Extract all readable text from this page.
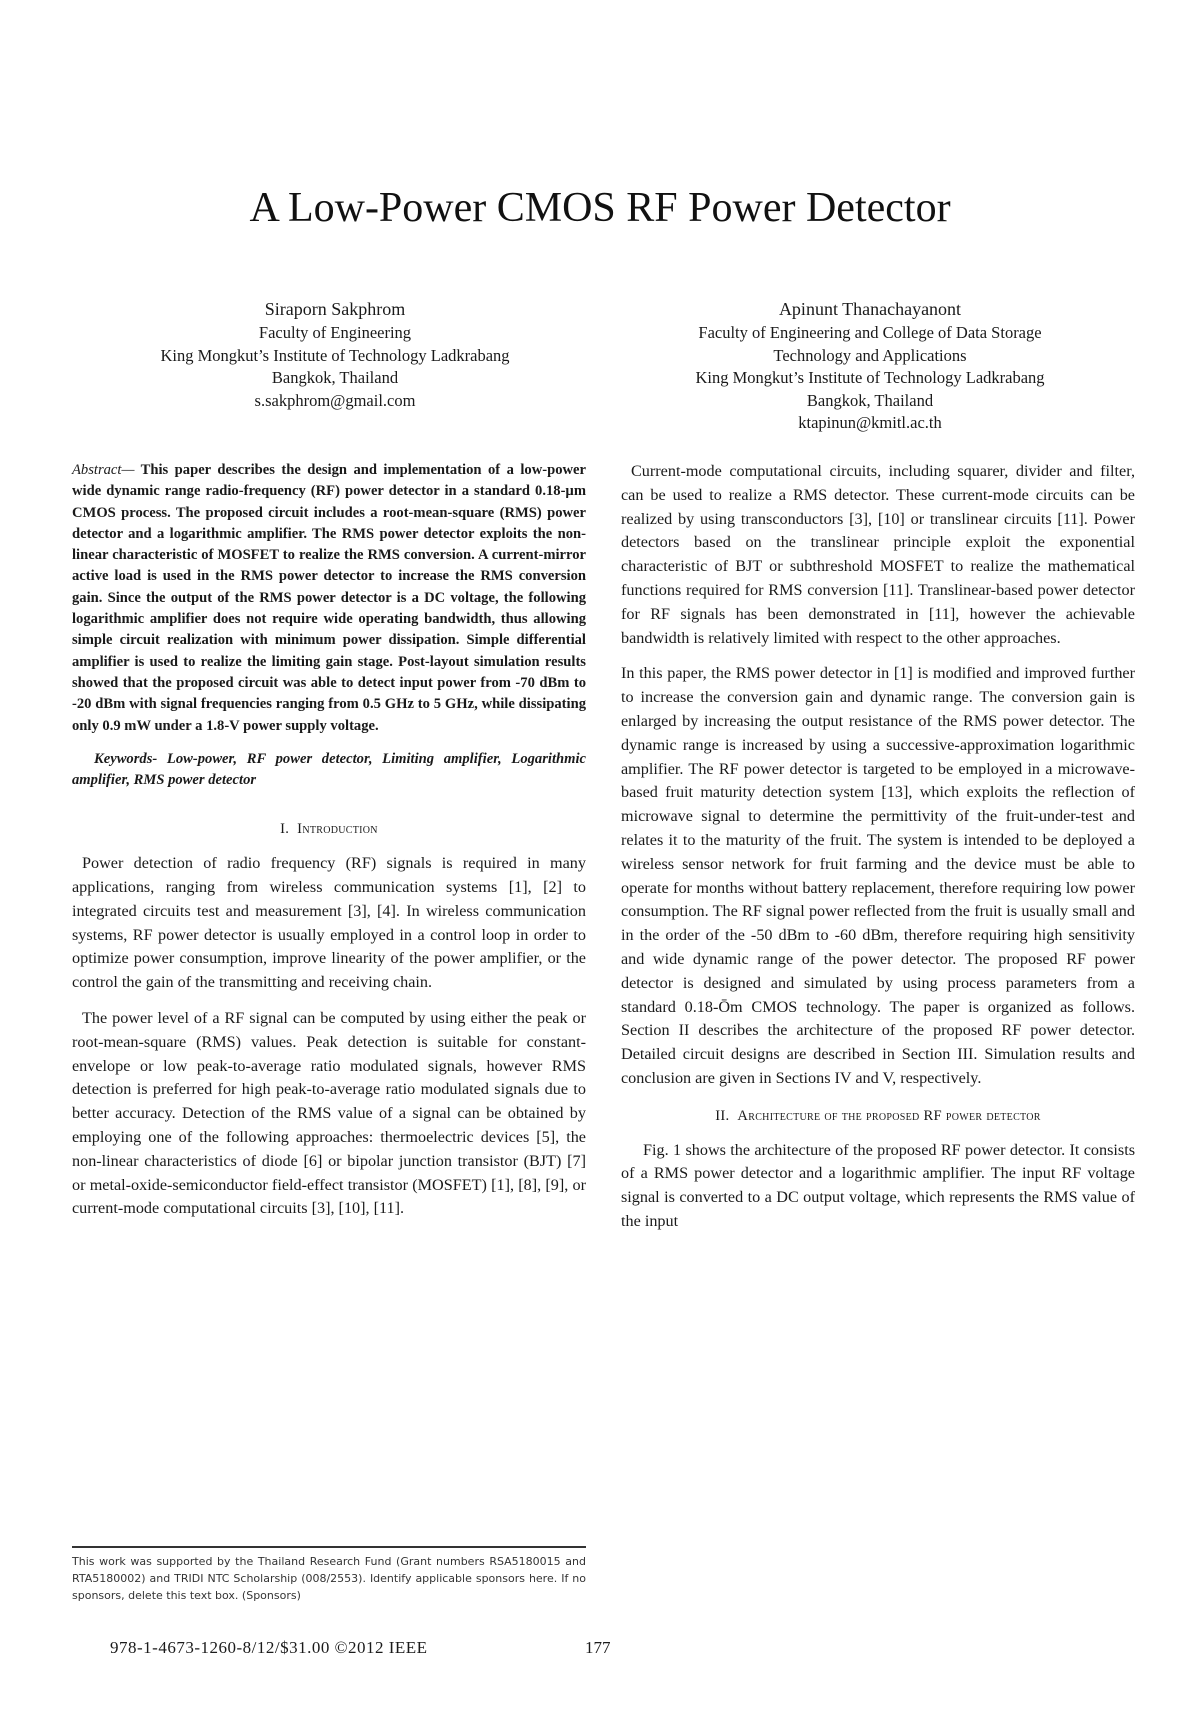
A Low-Power CMOS RF Power Detector
Siraporn Sakphrom
Faculty of Engineering
King Mongkut’s Institute of Technology Ladkrabang
Bangkok, Thailand
s.sakphrom@gmail.com
Apinunt Thanachayanont
Faculty of Engineering and College of Data Storage
Technology and Applications
King Mongkut’s Institute of Technology Ladkrabang
Bangkok, Thailand
ktapinun@kmitl.ac.th

Abstract— This paper describes the design and implementation of a low-power wide dynamic range radio-frequency (RF) power detector in a standard 0.18-µm CMOS process. The proposed circuit includes a root-mean-square (RMS) power detector and a logarithmic amplifier. The RMS power detector exploits the non-linear characteristic of MOSFET to realize the RMS conversion. A current-mirror active load is used in the RMS power detector to increase the RMS conversion gain. Since the output of the RMS power detector is a DC voltage, the following logarithmic amplifier does not require wide operating bandwidth, thus allowing simple circuit realization with minimum power dissipation. Simple differential amplifier is used to realize the limiting gain stage. Post-layout simulation results showed that the proposed circuit was able to detect input power from -70 dBm to -20 dBm with signal frequencies ranging from 0.5 GHz to 5 GHz, while dissipating only 0.9 mW under a 1.8-V power supply voltage.

Keywords- Low-power, RF power detector, Limiting amplifier, Logarithmic amplifier, RMS power detector

I. Introduction

Power detection of radio frequency (RF) signals is required in many applications, ranging from wireless communication systems [1], [2] to integrated circuits test and measurement [3], [4]. In wireless communication systems, RF power detector is usually employed in a control loop in order to optimize power consumption, improve linearity of the power amplifier, or the control the gain of the transmitting and receiving chain.

The power level of a RF signal can be computed by using either the peak or root-mean-square (RMS) values. Peak detection is suitable for constant-envelope or low peak-to-average ratio modulated signals, however RMS detection is preferred for high peak-to-average ratio modulated signals due to better accuracy. Detection of the RMS value of a signal can be obtained by employing one of the following approaches: thermoelectric devices [5], the non-linear characteristics of diode [6] or bipolar junction transistor (BJT) [7] or metal-oxide-semiconductor field-effect transistor (MOSFET) [1], [8], [9], or current-mode computational circuits [3], [10], [11].

Current-mode computational circuits, including squarer, divider and filter, can be used to realize a RMS detector. These current-mode circuits can be realized by using transconductors [3], [10] or translinear circuits [11]. Power detectors based on the translinear principle exploit the exponential characteristic of BJT or subthreshold MOSFET to realize the mathematical functions required for RMS conversion [11]. Translinear-based power detector for RF signals has been demonstrated in [11], however the achievable bandwidth is relatively limited with respect to the other approaches.

In this paper, the RMS power detector in [1] is modified and improved further to increase the conversion gain and dynamic range. The conversion gain is enlarged by increasing the output resistance of the RMS power detector. The dynamic range is increased by using a successive-approximation logarithmic amplifier. The RF power detector is targeted to be employed in a microwave-based fruit maturity detection system [13], which exploits the reflection of microwave signal to determine the permittivity of the fruit-under-test and relates it to the maturity of the fruit. The system is intended to be deployed a wireless sensor network for fruit farming and the device must be able to operate for months without battery replacement, therefore requiring low power consumption. The RF signal power reflected from the fruit is usually small and in the order of the -50 dBm to -60 dBm, therefore requiring high sensitivity and wide dynamic range of the power detector. The proposed RF power detector is designed and simulated by using process parameters from a standard 0.18-Ōm CMOS technology. The paper is organized as follows. Section II describes the architecture of the proposed RF power detector. Detailed circuit designs are described in Section III. Simulation results and conclusion are given in Sections IV and V, respectively.

II. Architecture of the proposed RF power detector

Fig. 1 shows the architecture of the proposed RF power detector. It consists of a RMS power detector and a logarithmic amplifier. The input RF voltage signal is converted to a DC output voltage, which represents the RMS value of the input

This work was supported by the Thailand Research Fund (Grant numbers RSA5180015 and RTA5180002) and TRIDI NTC Scholarship (008/2553). Identify applicable sponsors here. If no sponsors, delete this text box. (Sponsors)
978-1-4673-1260-8/12/$31.00 ©2012 IEEE	177
